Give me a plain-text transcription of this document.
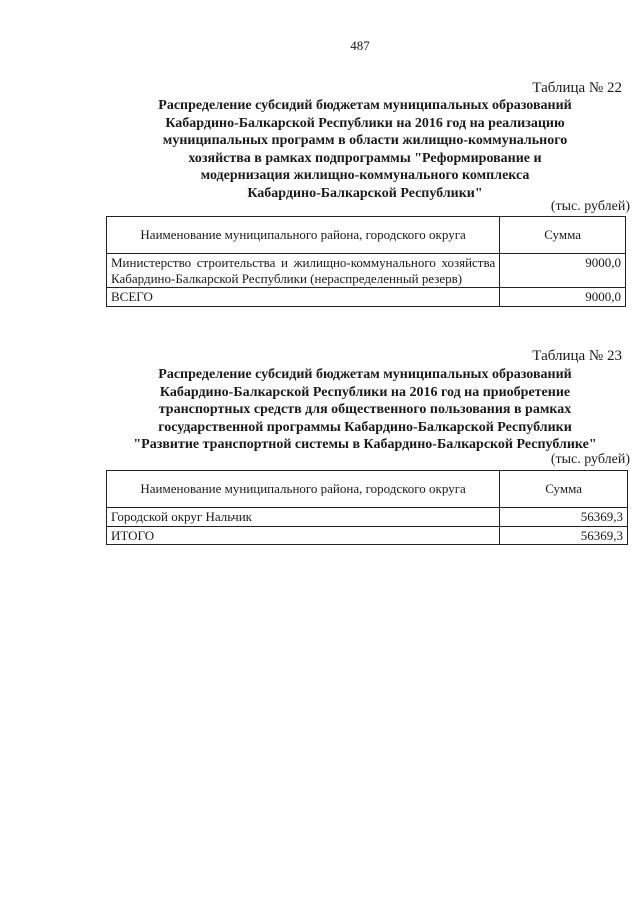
487
Таблица № 22
Распределение субсидий бюджетам муниципальных образований
Кабардино-Балкарской Республики на 2016 год на реализацию
муниципальных программ в области жилищно-коммунального
хозяйства в рамках подпрограммы "Реформирование и
модернизация жилищно-коммунального комплекса
Кабардино-Балкарской Республики"
(тыс. рублей)
Наименование муниципального района, городского округа	Сумма
Министерство строительства и жилищно-коммунального хозяйства Кабардино-Балкарской Республики (нераспределенный резерв)	9000,0
ВСЕГО	9000,0
Таблица № 23
Распределение субсидий бюджетам муниципальных образований
Кабардино-Балкарской Республики на 2016 год на приобретение
транспортных средств для общественного пользования в рамках
государственной программы Кабардино-Балкарской Республики
"Развитие транспортной системы в Кабардино-Балкарской Республике"
(тыс. рублей)
Наименование муниципального района, городского округа	Сумма
Городской округ Нальчик	56369,3
ИТОГО	56369,3
